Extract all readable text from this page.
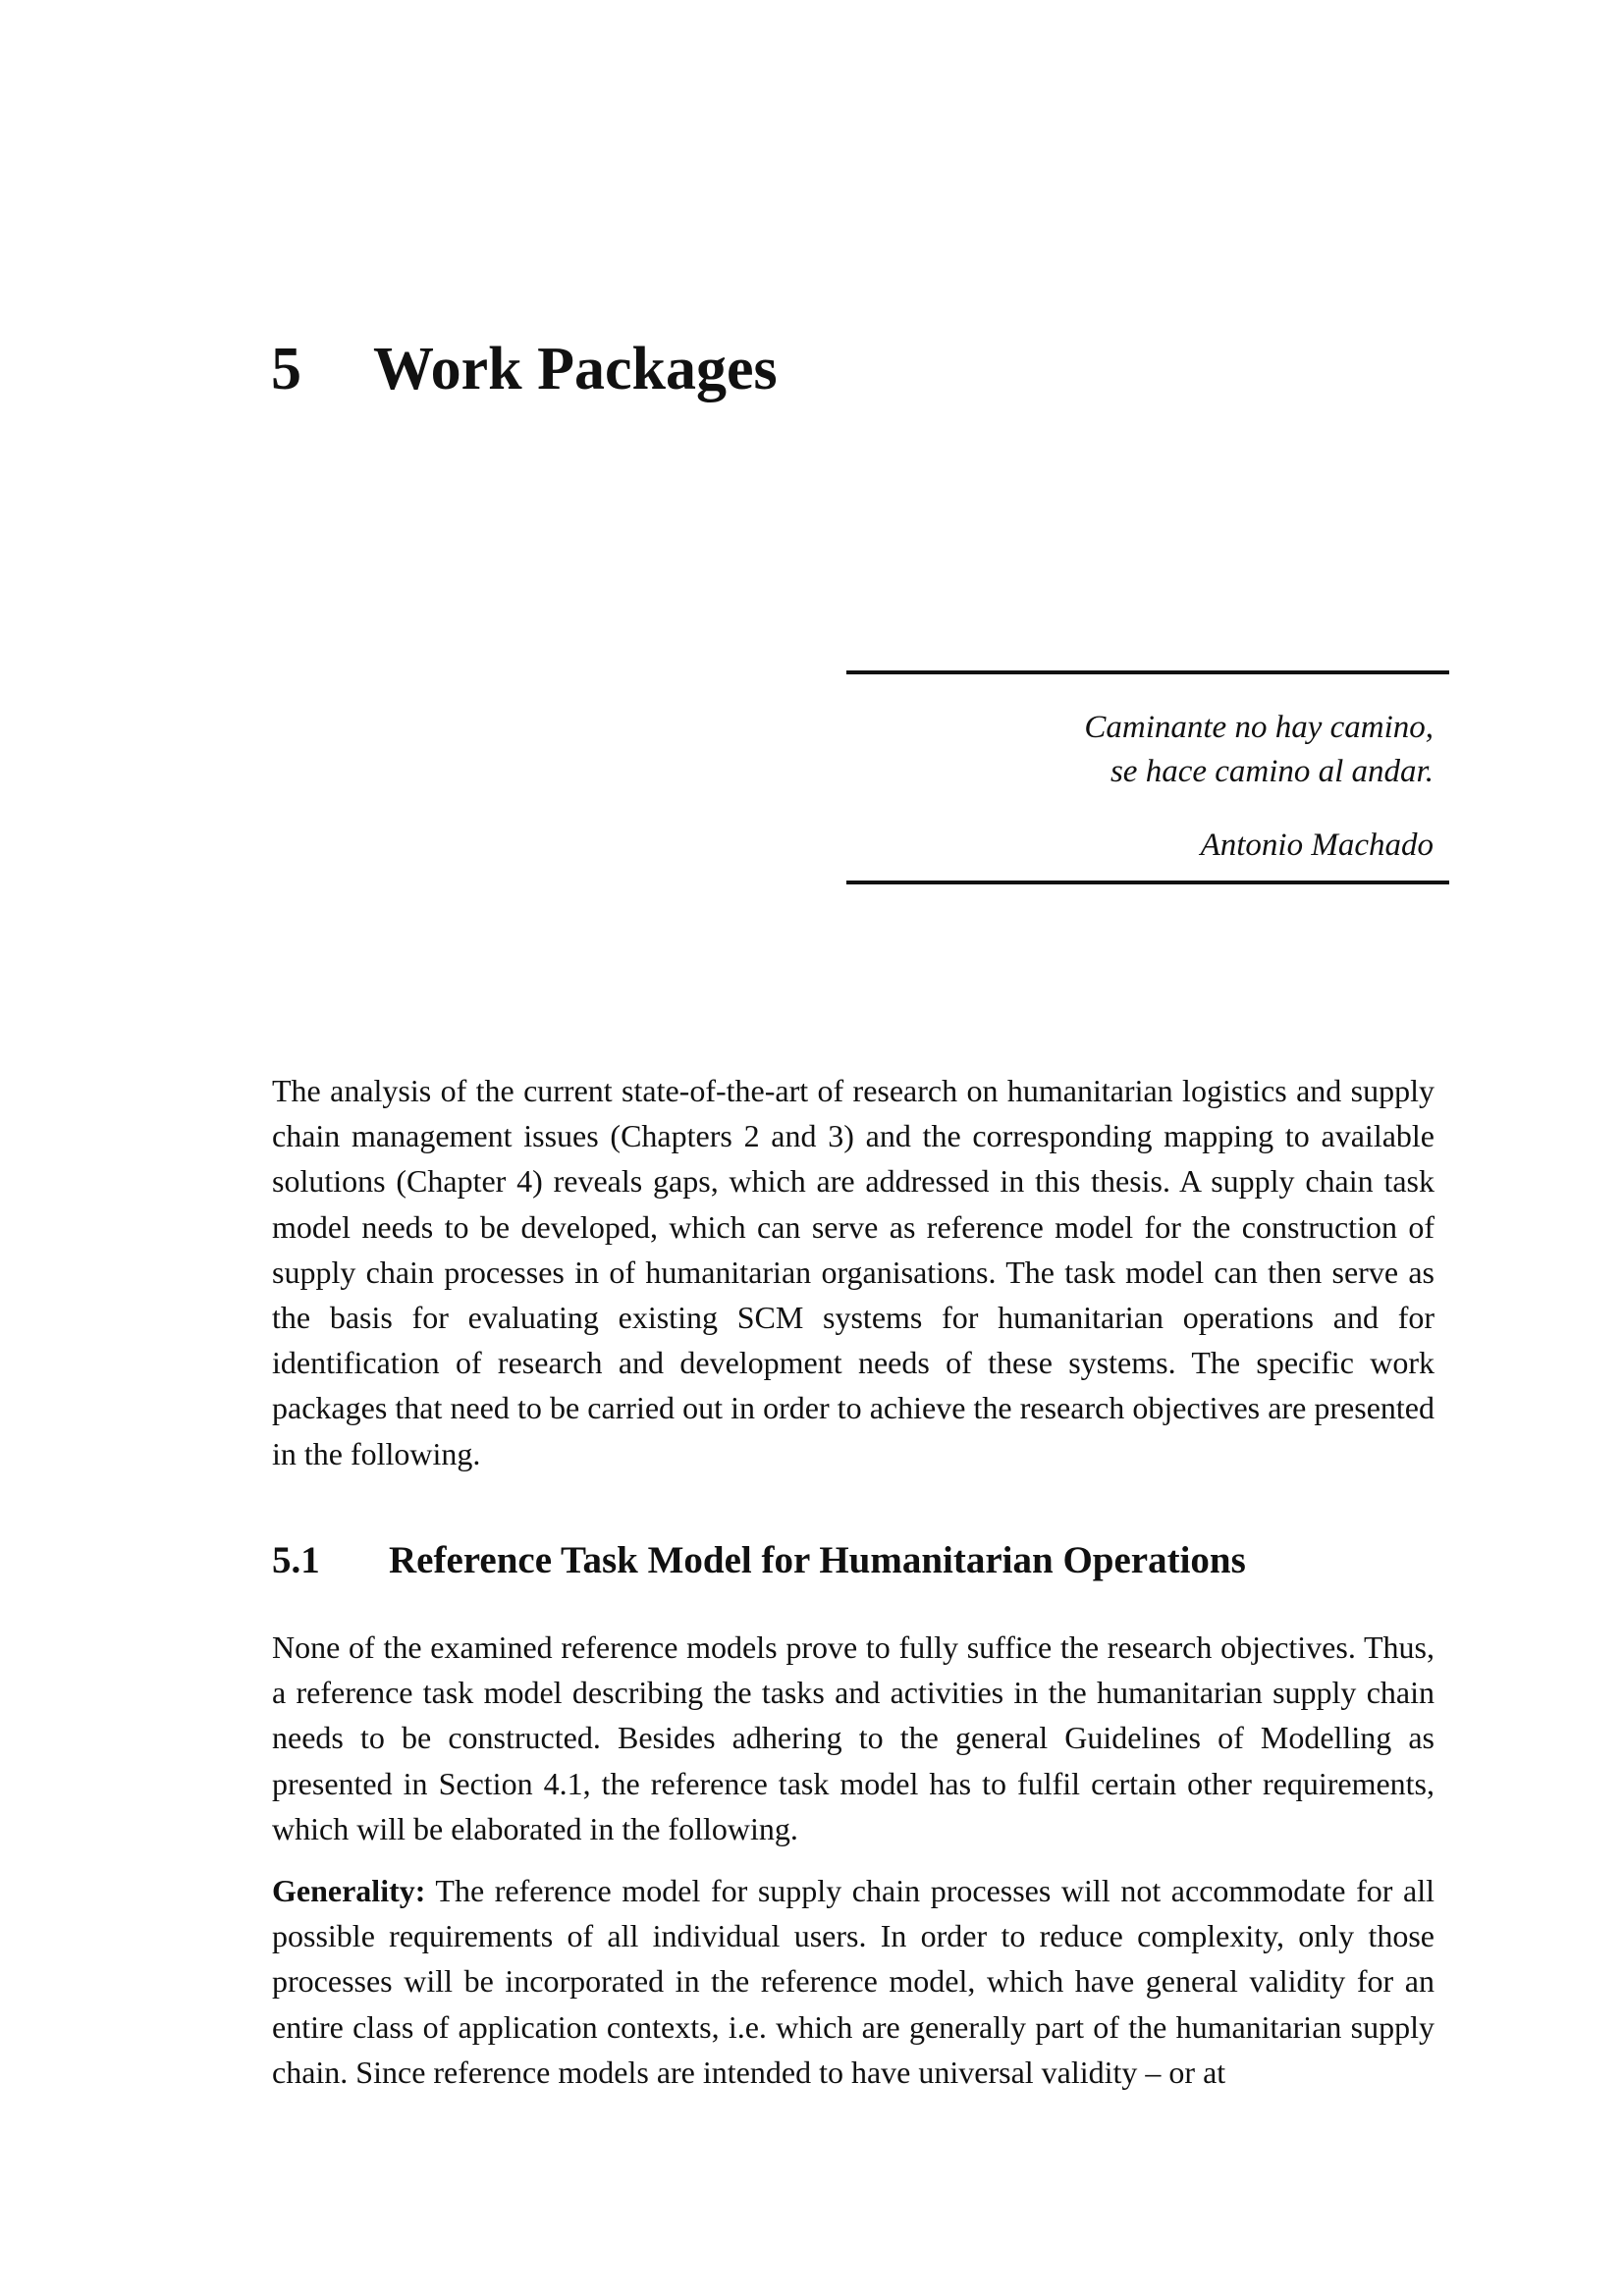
5 Work Packages
Caminante no hay camino,
se hace camino al andar.
Antonio Machado

The analysis of the current state-of-the-art of research on humanitarian logistics and supply chain management issues (Chapters 2 and 3) and the corresponding mapping to available solutions (Chapter 4) reveals gaps, which are addressed in this thesis. A supply chain task model needs to be developed, which can serve as reference model for the construction of supply chain processes in of humanitarian organisations. The task model can then serve as the basis for evaluating existing SCM systems for humanitarian operations and for identification of research and development needs of these systems. The specific work packages that need to be carried out in order to achieve the research objectives are presented in the following.

5.1 Reference Task Model for Humanitarian Operations

None of the examined reference models prove to fully suffice the research objectives. Thus, a reference task model describing the tasks and activities in the humanitarian supply chain needs to be constructed. Besides adhering to the general Guidelines of Modelling as presented in Section 4.1, the reference task model has to fulfil certain other requirements, which will be elaborated in the following.

Generality: The reference model for supply chain processes will not accommodate for all possible requirements of all individual users. In order to reduce complexity, only those processes will be incorporated in the reference model, which have general validity for an entire class of application contexts, i.e. which are generally part of the humanitarian supply chain. Since reference models are intended to have universal validity – or at
